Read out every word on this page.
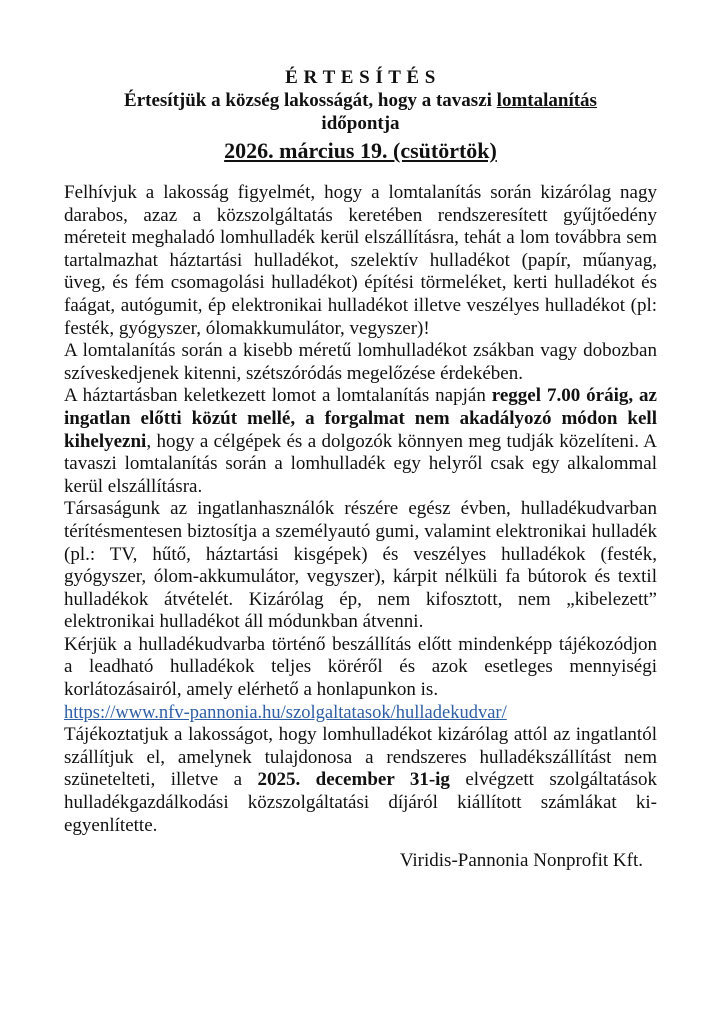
É R T E S Í T É S
Értesítjük a község lakosságát, hogy a tavaszi lomtalanítás
időpontja
2026. március 19. (csütörtök)

Felhívjuk a lakosság figyelmét, hogy a lomtalanítás során kizárólag nagy darabos, azaz a közszolgáltatás keretében rendszeresített gyűjtőedény méreteit meghaladó lomhulladék kerül elszállításra, tehát a lom továbbra sem tartalmazhat háztartási hulladékot, szelektív hulladékot (papír, műanyag, üveg, és fém csomagolási hulladékot) építési törmeléket, kerti hulladékot és faágat, autógumit, ép elektronikai hulladékot illetve veszélyes hulladékot (pl: festék, gyógyszer, ólomakkumulátor, vegyszer)!

A lomtalanítás során a kisebb méretű lomhulladékot zsákban vagy dobozban szíveskedjenek kitenni, szétszóródás megelőzése érdekében.

A háztartásban keletkezett lomot a lomtalanítás napján reggel 7.00 óráig, az ingatlan előtti közút mellé, a forgalmat nem akadályozó módon kell kihelyezni, hogy a célgépek és a dolgozók könnyen meg tudják közelíteni. A tavaszi lomtalanítás során a lomhulladék egy helyről csak egy alkalommal kerül elszállításra.

Társaságunk az ingatlanhasználók részére egész évben, hulladékudvarban térítésmentesen biztosítja a személyautó gumi, valamint elektronikai hulladék (pl.: TV, hűtő, háztartási kisgépek) és veszélyes hulladékok (festék, gyógyszer, ólom-akkumulátor, vegyszer), kárpit nélküli fa bútorok és textil hulladékok átvételét. Kizárólag ép, nem kifosztott, nem „kibelezett” elektronikai hulladékot áll módunkban átvenni.

Kérjük a hulladékudvarba történő beszállítás előtt mindenképp tájékozódjon a leadható hulladékok teljes köréről és azok esetleges mennyiségi korlátozásairól, amely elérhető a honlapunkon is.

https://www.nfv-pannonia.hu/szolgaltatasok/hulladekudvar/

Tájékoztatjuk a lakosságot, hogy lomhulladékot kizárólag attól az ingatlantól szállítjuk el, amelynek tulajdonosa a rendszeres hulladékszállítást nem szünetelteti, illetve a 2025. december 31-ig elvégzett szolgáltatások hulladékgazdálkodási közszolgáltatási díjáról kiállított számlákat kiegyenlítette.

Viridis-Pannonia Nonprofit Kft.
